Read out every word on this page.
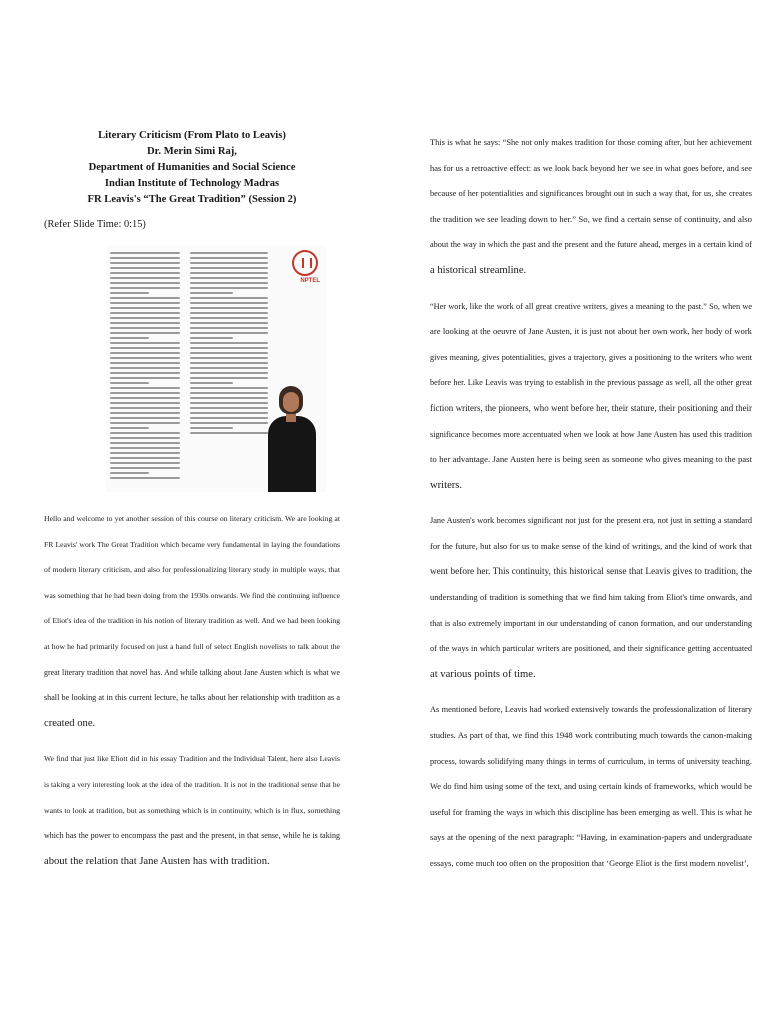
Literary Criticism (From Plato to Leavis)
Dr. Merin Simi Raj,
Department of Humanities and Social Science
Indian Institute of Technology Madras
FR Leavis's “The Great Tradition” (Session 2)
(Refer Slide Time: 0:15)
NPTEL

Hello and welcome to yet another session of this course on literary criticism. We are looking at
FR Leavis' work The Great Tradition which became very fundamental in laying the foundations
of modern literary criticism, and also for professionalizing literary study in multiple ways, that
was something that he had been doing from the 1930s onwards. We find the continuing influence
of Eliot's idea of the tradition in his notion of literary tradition as well. And we had been looking
at how he had primarily focused on just a hand full of select English novelists to talk about the
great literary tradition that novel has. And while talking about Jane Austen which is what we
shall be looking at in this current lecture, he talks about her relationship with tradition as a
created one.

We find that just like Eliott did in his essay Tradition and the Individual Talent, here also Leavis
is taking a very interesting look at the idea of the tradition. It is not in the traditional sense that he
wants to look at tradition, but as something which is in continuity, which is in flux, something
which has the power to encompass the past and the present, in that sense, while he is taking
about the relation that Jane Austen has with tradition.

This is what he says: “She not only makes tradition for those coming after, but her achievement
has for us a retroactive effect: as we look back beyond her we see in what goes before, and see
because of her potentialities and significances brought out in such a way that, for us, she creates
the tradition we see leading down to her.” So, we find a certain sense of continuity, and also
about the way in which the past and the present and the future ahead, merges in a certain kind of
a historical streamline.

“Her work, like the work of all great creative writers, gives a meaning to the past.” So, when we
are looking at the oeuvre of Jane Austen, it is just not about her own work, her body of work
gives meaning, gives potentialities, gives a trajectory, gives a positioning to the writers who went
before her. Like Leavis was trying to establish in the previous passage as well, all the other great
fiction writers, the pioneers, who went before her, their stature, their positioning and their
significance becomes more accentuated when we look at how Jane Austen has used this tradition
to her advantage. Jane Austen here is being seen as someone who gives meaning to the past
writers.

Jane Austen's work becomes significant not just for the present era, not just in setting a standard
for the future, but also for us to make sense of the kind of writings, and the kind of work that
went before her. This continuity, this historical sense that Leavis gives to tradition, the
understanding of tradition is something that we find him taking from Eliot's time onwards, and
that is also extremely important in our understanding of canon formation, and our understanding
of the ways in which particular writers are positioned, and their significance getting accentuated
at various points of time.

As mentioned before, Leavis had worked extensively towards the professionalization of literary
studies. As part of that, we find this 1948 work contributing much towards the canon-making
process, towards solidifying many things in terms of curriculum, in terms of university teaching.
We do find him using some of the text, and using certain kinds of frameworks, which would be
useful for framing the ways in which this discipline has been emerging as well. This is what he
says at the opening of the next paragraph: “Having, in examination-papers and undergraduate
essays, come much too often on the proposition that ‘George Eliot is the first modern novelist’,
